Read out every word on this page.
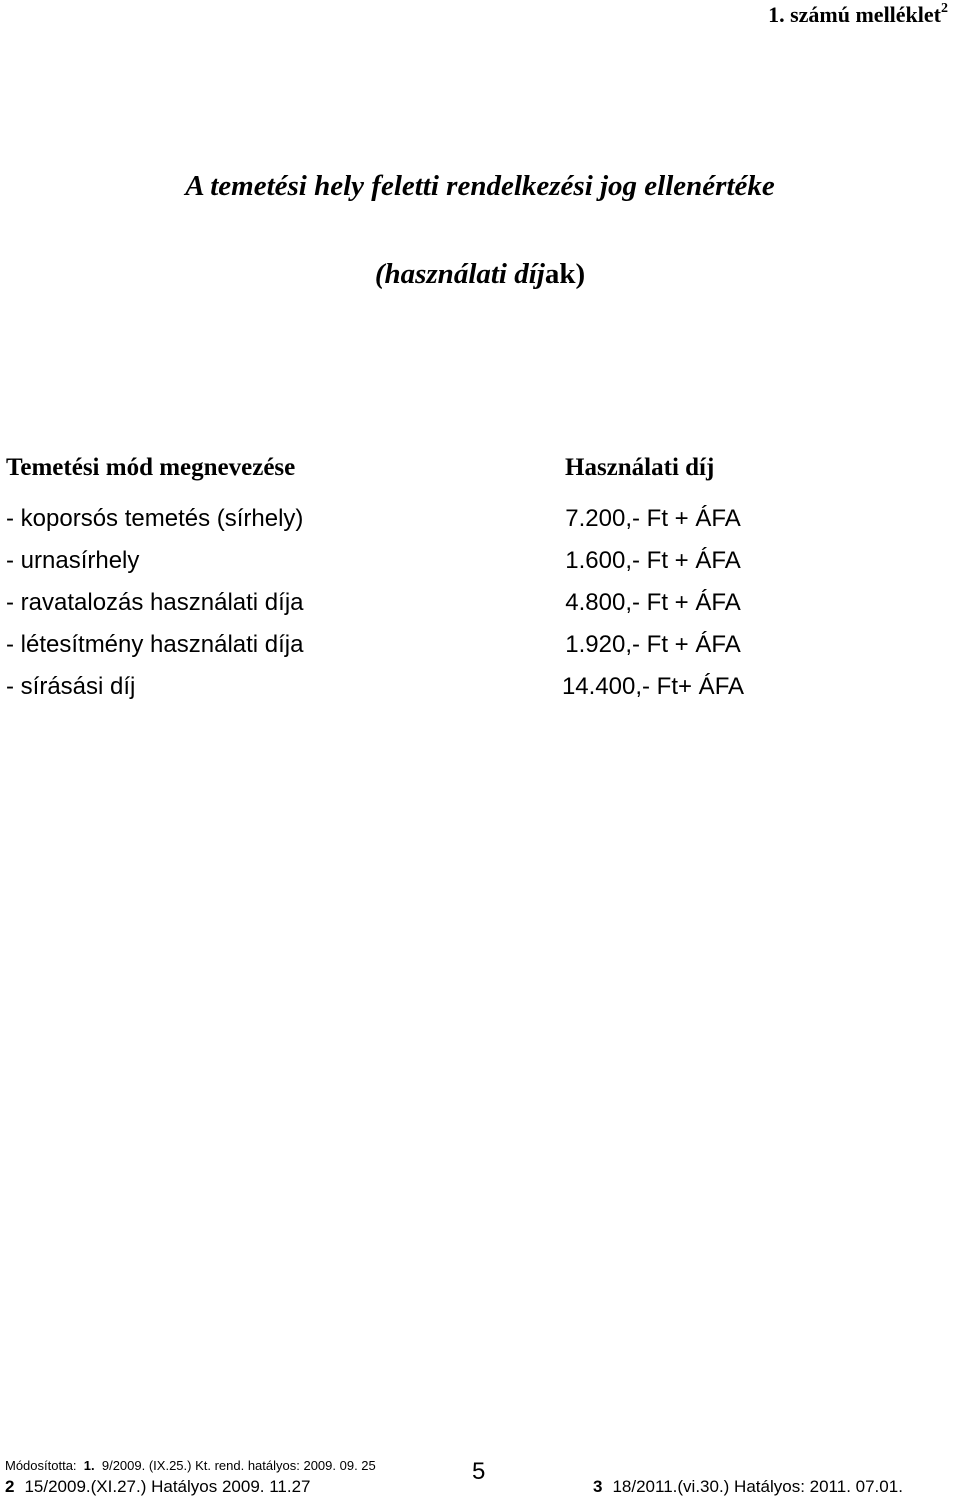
1. számú melléklet$^2$
A temetési hely feletti rendelkezési jog ellenértéke
(használati díjak)
Temetési mód megnevezése	Használati díj
- koporsós temetés (sírhely)	7.200,- Ft + ÁFA
- urnasírhely	1.600,- Ft + ÁFA
- ravatalozás használati díja	4.800,- Ft + ÁFA
- létesítmény használati díja	1.920,- Ft + ÁFA
- sírásási díj	14.400,- Ft+ ÁFA
Módosította: 1. 9/2009. (IX.25.) Kt. rend. hatályos: 2009. 09. 25	5
2 15/2009.(XI.27.) Hatályos 2009. 11.27	3 18/2011.(vi.30.) Hatályos: 2011. 07.01.
